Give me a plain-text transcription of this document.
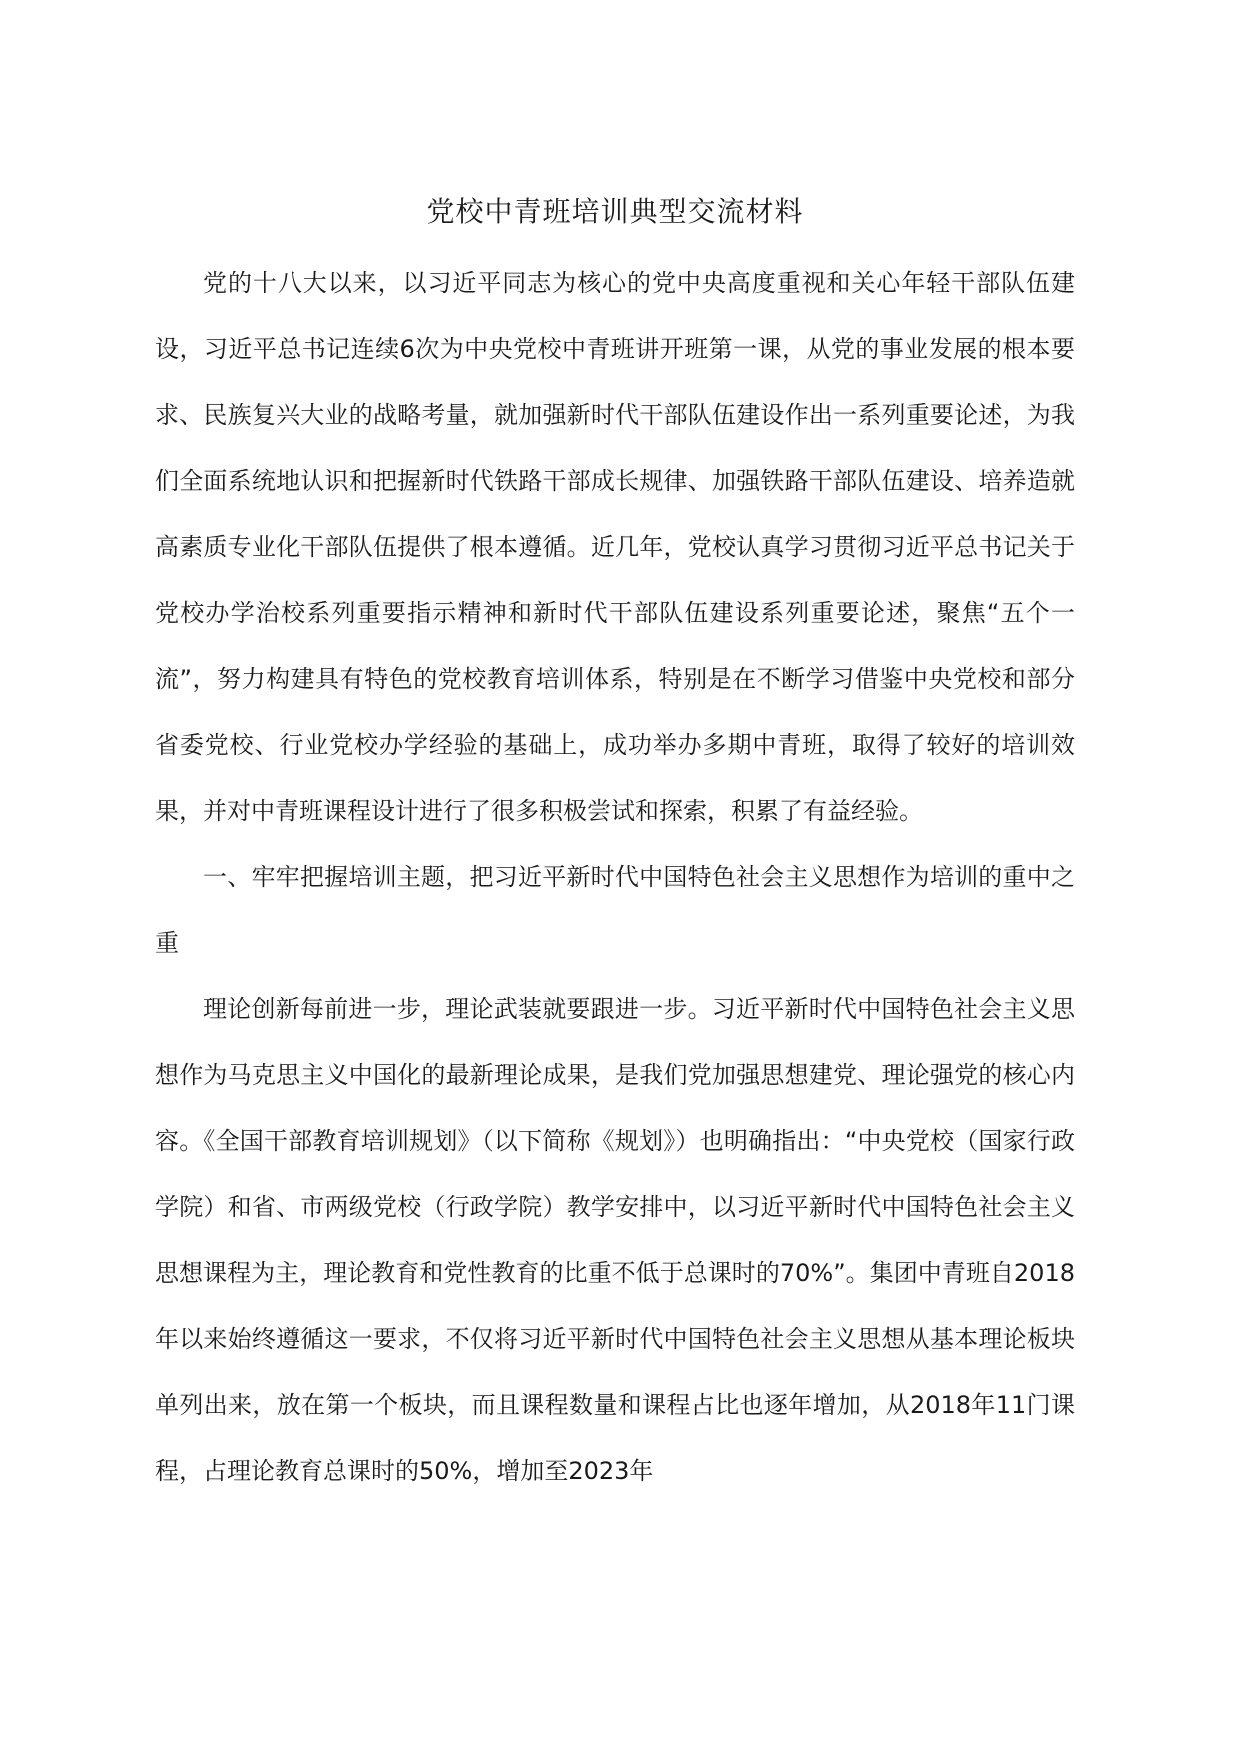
党校中青班培训典型交流材料

党的十八大以来，以习近平同志为核心的党中央高度重视和关心年轻干部队伍建设，习近平总书记连续6次为中央党校中青班讲开班第一课，从党的事业发展的根本要求、民族复兴大业的战略考量，就加强新时代干部队伍建设作出一系列重要论述，为我们全面系统地认识和把握新时代铁路干部成长规律、加强铁路干部队伍建设、培养造就高素质专业化干部队伍提供了根本遵循。近几年，党校认真学习贯彻习近平总书记关于党校办学治校系列重要指示精神和新时代干部队伍建设系列重要论述，聚焦“五个一流”，努力构建具有特色的党校教育培训体系，特别是在不断学习借鉴中央党校和部分省委党校、行业党校办学经验的基础上，成功举办多期中青班，取得了较好的培训效果，并对中青班课程设计进行了很多积极尝试和探索，积累了有益经验。

一、牢牢把握培训主题，把习近平新时代中国特色社会主义思想作为培训的重中之重

理论创新每前进一步，理论武装就要跟进一步。习近平新时代中国特色社会主义思想作为马克思主义中国化的最新理论成果，是我们党加强思想建党、理论强党的核心内容。《全国干部教育培训规划》（以下简称《规划》）也明确指出：“中央党校（国家行政学院）和省、市两级党校（行政学院）教学安排中，以习近平新时代中国特色社会主义思想课程为主，理论教育和党性教育的比重不低于总课时的70%”。集团中青班自2018年以来始终遵循这一要求，不仅将习近平新时代中国特色社会主义思想从基本理论板块单列出来，放在第一个板块，而且课程数量和课程占比也逐年增加，从2018年11门课程，占理论教育总课时的50%，增加至2023年
